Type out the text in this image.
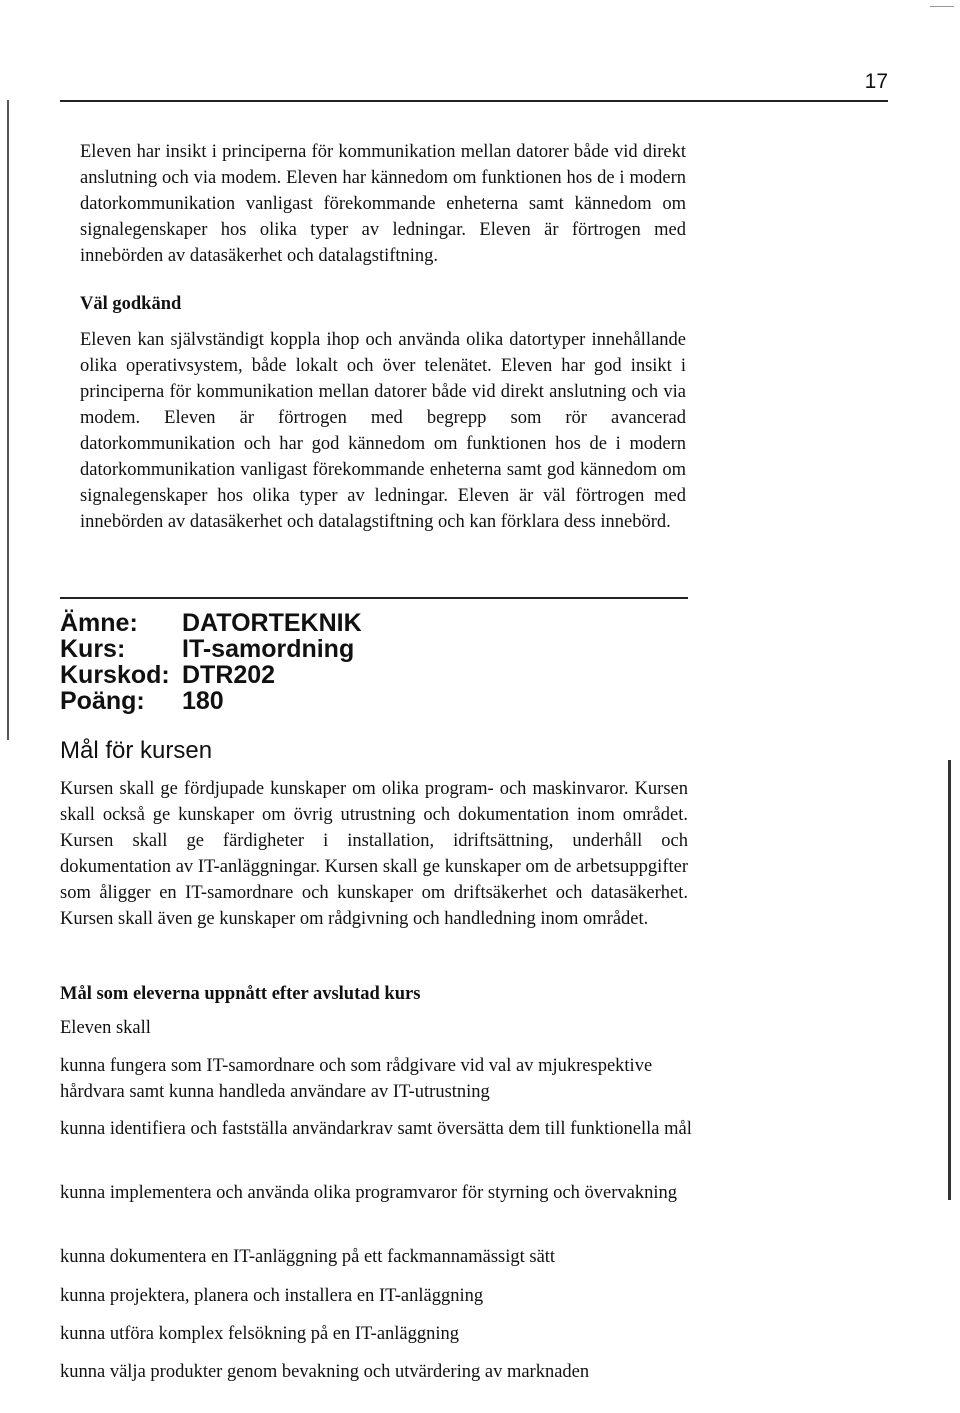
17

Eleven har insikt i principerna för kommunikation mellan datorer både vid direkt anslutning och via modem. Eleven har kännedom om funktionen hos de i modern datorkommunikation vanligast förekommande enheterna samt kännedom om signalegenskaper hos olika typer av ledningar. Eleven är förtrogen med innebörden av datasäkerhet och datalagstiftning.

Väl godkänd

Eleven kan självständigt koppla ihop och använda olika datortyper innehållande olika operativsystem, både lokalt och över telenätet. Eleven har god insikt i principerna för kommunikation mellan datorer både vid direkt anslutning och via modem. Eleven är förtrogen med begrepp som rör avancerad datorkommunikation och har god kännedom om funktionen hos de i modern datorkommunikation vanligast förekommande enheterna samt god kännedom om signalegenskaper hos olika typer av ledningar. Eleven är väl förtrogen med innebörden av datasäkerhet och datalagstiftning och kan förklara dess innebörd.

Ämne:	DATORTEKNIK
Kurs:	IT-samordning
Kurskod: DTR202
Poäng:	180
Mål för kursen

Kursen skall ge fördjupade kunskaper om olika program- och maskinvaror. Kursen skall också ge kunskaper om övrig utrustning och dokumentation inom området. Kursen skall ge färdigheter i installation, idriftsättning, underhåll och dokumentation av IT-anläggningar. Kursen skall ge kunskaper om de arbetsuppgifter som åligger en IT-samordnare och kunskaper om driftsäkerhet och datasäkerhet. Kursen skall även ge kunskaper om rådgivning och handledning inom området.

Mål som eleverna uppnått efter avslutad kurs
Eleven skall
kunna fungera som IT-samordnare och som rådgivare vid val av mjukrespektive hårdvara samt kunna handleda användare av IT-utrustning
kunna identifiera och fastställa användarkrav samt översätta dem till funktionella mål
kunna implementera och använda olika programvaror för styrning och övervakning
kunna dokumentera en IT-anläggning på ett fackmannamässigt sätt
kunna projektera, planera och installera en IT-anläggning
kunna utföra komplex felsökning på en IT-anläggning
kunna välja produkter genom bevakning och utvärdering av marknaden
